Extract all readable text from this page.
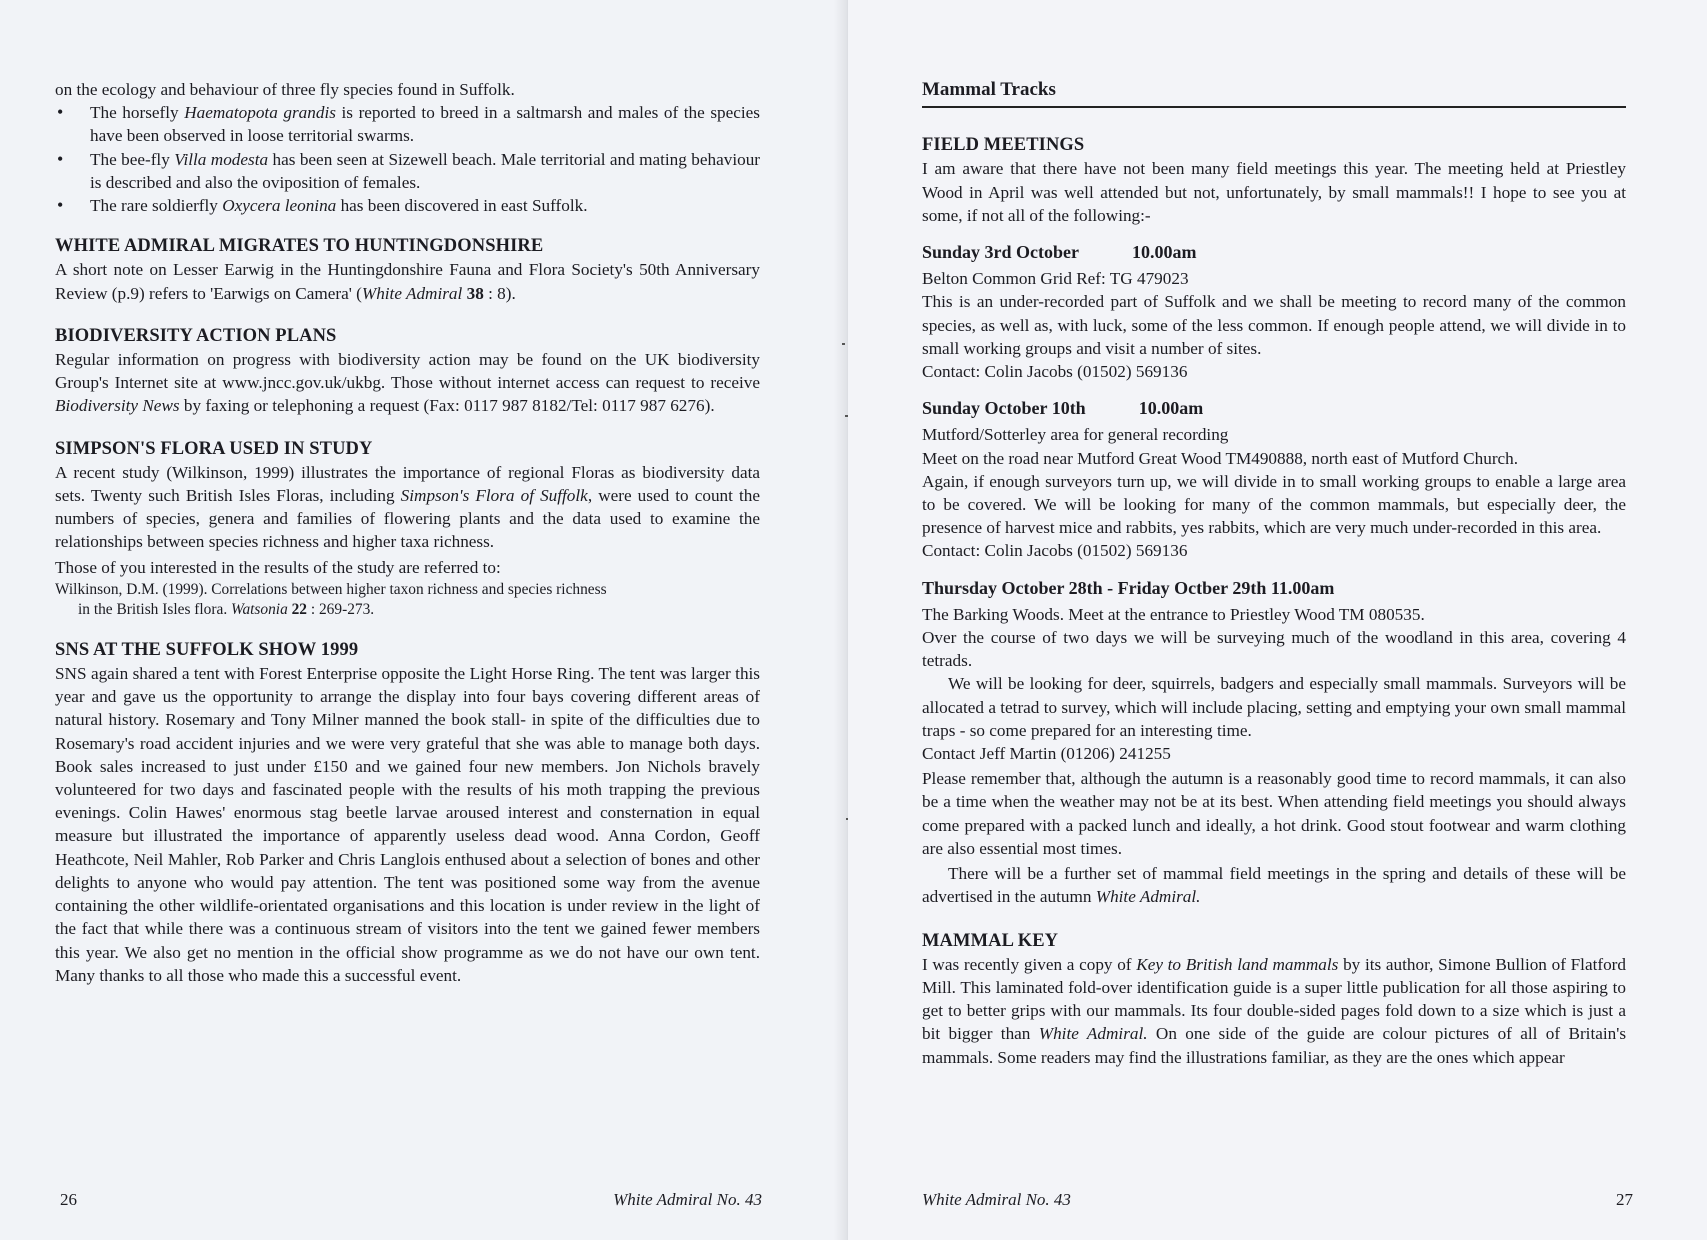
on the ecology and behaviour of three fly species found in Suffolk.

• The horsefly Haematopota grandis is reported to breed in a saltmarsh and males of the species have been observed in loose territorial swarms.
• The bee-fly Villa modesta has been seen at Sizewell beach. Male territorial and mating behaviour is described and also the oviposition of females.
• The rare soldierfly Oxycera leonina has been discovered in east Suffolk.
WHITE ADMIRAL MIGRATES TO HUNTINGDONSHIRE

A short note on Lesser Earwig in the Huntingdonshire Fauna and Flora Society's 50th Anniversary Review (p.9) refers to 'Earwigs on Camera' (White Admiral 38 : 8).

BIODIVERSITY ACTION PLANS

Regular information on progress with biodiversity action may be found on the UK biodiversity Group's Internet site at www.jncc.gov.uk/ukbg. Those without internet access can request to receive Biodiversity News by faxing or telephoning a request (Fax: 0117 987 8182/Tel: 0117 987 6276).

SIMPSON'S FLORA USED IN STUDY

A recent study (Wilkinson, 1999) illustrates the importance of regional Floras as biodiversity data sets. Twenty such British Isles Floras, including Simpson's Flora of Suffolk, were used to count the numbers of species, genera and families of flowering plants and the data used to examine the relationships between species richness and higher taxa richness.

Those of you interested in the results of the study are referred to:

Wilkinson, D.M. (1999). Correlations between higher taxon richness and species richness
in the British Isles flora. Watsonia 22 : 269-273.

SNS AT THE SUFFOLK SHOW 1999

SNS again shared a tent with Forest Enterprise opposite the Light Horse Ring. The tent was larger this year and gave us the opportunity to arrange the display into four bays covering different areas of natural history. Rosemary and Tony Milner manned the book stall- in spite of the difficulties due to Rosemary's road accident injuries and we were very grateful that she was able to manage both days. Book sales increased to just under £150 and we gained four new members. Jon Nichols bravely volunteered for two days and fascinated people with the results of his moth trapping the previous evenings. Colin Hawes' enormous stag beetle larvae aroused interest and consternation in equal measure but illustrated the importance of apparently useless dead wood. Anna Cordon, Geoff Heathcote, Neil Mahler, Rob Parker and Chris Langlois enthused about a selection of bones and other delights to anyone who would pay attention. The tent was positioned some way from the avenue containing the other wildlife-orientated organisations and this location is under review in the light of the fact that while there was a continuous stream of visitors into the tent we gained fewer members this year. We also get no mention in the official show programme as we do not have our own tent. Many thanks to all those who made this a successful event.

26	White Admiral No. 43
Mammal Tracks
FIELD MEETINGS

I am aware that there have not been many field meetings this year. The meeting held at Priestley Wood in April was well attended but not, unfortunately, by small mammals!! I hope to see you at some, if not all of the following:-

Sunday 3rd October	10.00am

Belton Common Grid Ref: TG 479023

This is an under-recorded part of Suffolk and we shall be meeting to record many of the common species, as well as, with luck, some of the less common. If enough people attend, we will divide in to small working groups and visit a number of sites.

Contact: Colin Jacobs (01502) 569136

Sunday October 10th	10.00am

Mutford/Sotterley area for general recording

Meet on the road near Mutford Great Wood TM490888, north east of Mutford Church.

Again, if enough surveyors turn up, we will divide in to small working groups to enable a large area to be covered. We will be looking for many of the common mammals, but especially deer, the presence of harvest mice and rabbits, yes rabbits, which are very much under-recorded in this area.

Contact: Colin Jacobs (01502) 569136

Thursday October 28th - Friday Octber 29th 11.00am

The Barking Woods. Meet at the entrance to Priestley Wood TM 080535.

Over the course of two days we will be surveying much of the woodland in this area, covering 4 tetrads.

We will be looking for deer, squirrels, badgers and especially small mammals. Surveyors will be allocated a tetrad to survey, which will include placing, setting and emptying your own small mammal traps - so come prepared for an interesting time.

Contact Jeff Martin (01206) 241255

Please remember that, although the autumn is a reasonably good time to record mammals, it can also be a time when the weather may not be at its best. When attending field meetings you should always come prepared with a packed lunch and ideally, a hot drink. Good stout footwear and warm clothing are also essential most times.

There will be a further set of mammal field meetings in the spring and details of these will be advertised in the autumn White Admiral.

MAMMAL KEY

I was recently given a copy of Key to British land mammals by its author, Simone Bullion of Flatford Mill. This laminated fold-over identification guide is a super little publication for all those aspiring to get to better grips with our mammals. Its four double-sided pages fold down to a size which is just a bit bigger than White Admiral. On one side of the guide are colour pictures of all of Britain's mammals. Some readers may find the illustrations familiar, as they are the ones which appear

White Admiral No. 43	27
